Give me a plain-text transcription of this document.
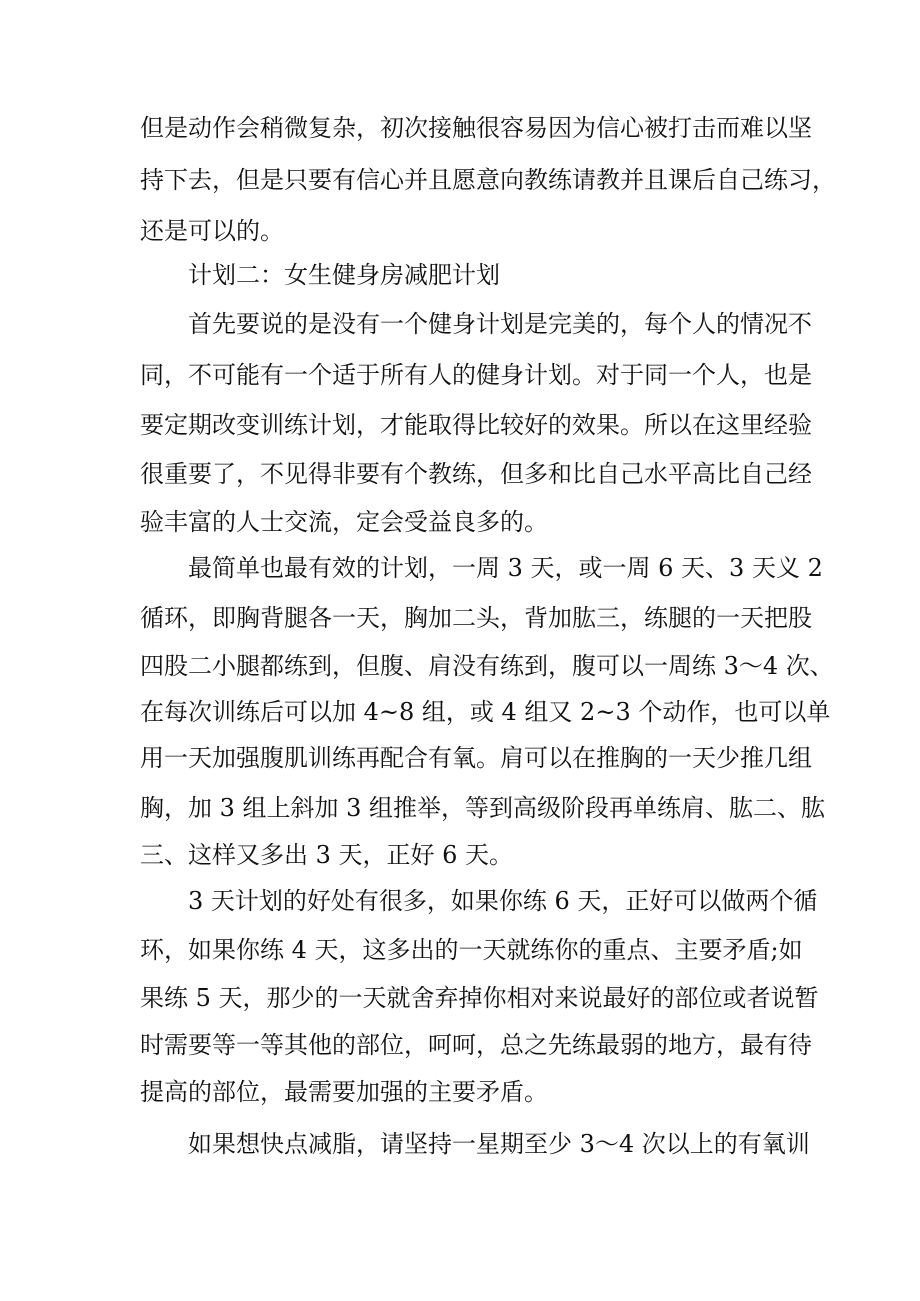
但是动作会稍微复杂，初次接触很容易因为信心被打击而难以坚
持下去，但是只要有信心并且愿意向教练请教并且课后自己练习，
还是可以的。
计划二：女生健身房减肥计划
首先要说的是没有一个健身计划是完美的，每个人的情况不
同，不可能有一个适于所有人的健身计划。对于同一个人，也是
要定期改变训练计划，才能取得比较好的效果。所以在这里经验
很重要了，不见得非要有个教练，但多和比自己水平高比自己经
验丰富的人士交流，定会受益良多的。
最简单也最有效的计划，一周 3 天，或一周 6 天、3 天义 2
循环，即胸背腿各一天，胸加二头，背加肱三，练腿的一天把股
四股二小腿都练到，但腹、肩没有练到，腹可以一周练 3～4 次、
在每次训练后可以加 4~8 组，或 4 组又 2~3 个动作，也可以单
用一天加强腹肌训练再配合有氧。肩可以在推胸的一天少推几组
胸，加 3 组上斜加 3 组推举，等到高级阶段再单练肩、肱二、肱
三、这样又多出 3 天，正好 6 天。
3 天计划的好处有很多，如果你练 6 天，正好可以做两个循
环，如果你练 4 天，这多出的一天就练你的重点、主要矛盾;如
果练 5 天，那少的一天就舍弃掉你相对来说最好的部位或者说暂
时需要等一等其他的部位，呵呵，总之先练最弱的地方，最有待
提高的部位，最需要加强的主要矛盾。
如果想快点减脂，请坚持一星期至少 3～4 次以上的有氧训
